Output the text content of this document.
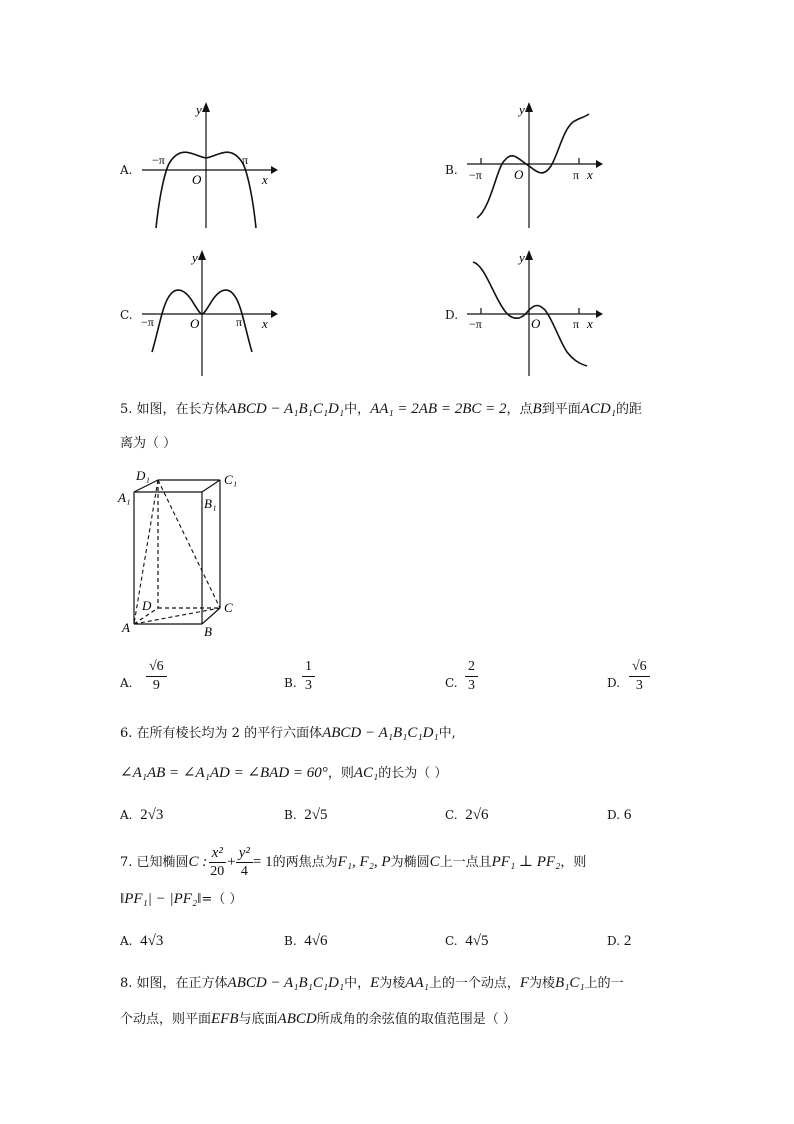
A.
y
x
O
−π	π
B.
y
x
O
−π	π
C.
y
x
O
−π	π	D.
y
x
O
−π	π
5. 如图，在长方体ABCD − A₁B₁C₁D₁中，AA₁ = 2AB = 2BC = 2，点B到平面ACD₁的距
离为（ ）
D₁	C₁
A₁	B₁
D	C
A	B
A. $\frac{√6}{9}$	B. $\frac{1}{3}$	C. $\frac{2}{3}$	D. $\frac{√6}{3}$
6. 在所有棱长均为 2 的平行六面体ABCD − A₁B₁C₁D₁中,
∠A₁AB = ∠A₁AD = ∠BAD = 60°，则AC₁的长为（ ）
A. 2√3	B. 2√5	C. 2√6	D. 6
7. 已知椭圆C : $\frac{\text{x²}}{20} + \frac{\text{y²}}{4} = 1$的两焦点为F₁, F₂, P为椭圆C上一点且PF₁ ⊥ PF₂，则
‖PF₁| − |PF₂‖=（ ）
A. 4√3	B. 4√6	C. 4√5	D. 2
8. 如图，在正方体ABCD − A₁B₁C₁D₁中，E为棱AA₁上的一个动点，F为棱B₁C₁上的一
个动点，则平面EFB与底面ABCD所成角的余弦值的取值范围是（ ）
